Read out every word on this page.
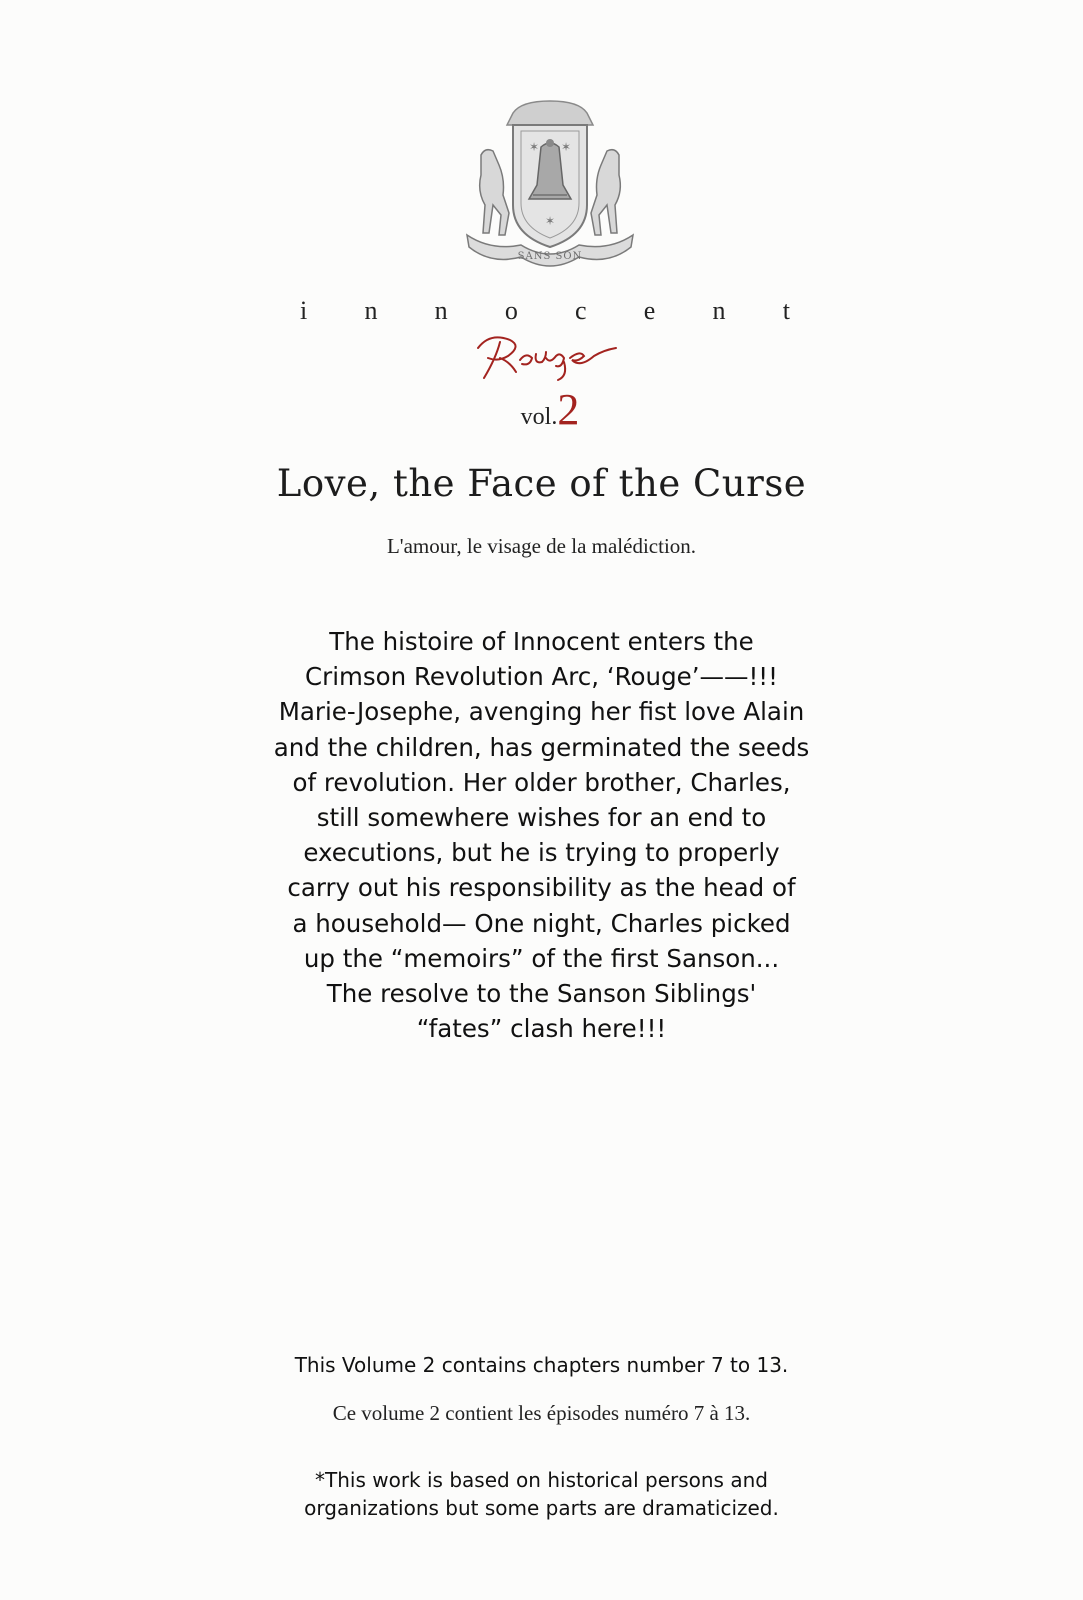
✶ ✶
✶
SANS SON
i n n o c e n t
vol.2
Love, the Face of the Curse
L'amour, le visage de la malédiction.
The histoire of Innocent enters the
Crimson Revolution Arc, ‘Rouge’——!!!
Marie-Josephe, avenging her fist love Alain
and the children, has germinated the seeds
of revolution. Her older brother, Charles,
still somewhere wishes for an end to
executions, but he is trying to properly
carry out his responsibility as the head of
a household— One night, Charles picked
up the “memoirs” of the first Sanson...
The resolve to the Sanson Siblings'
“fates” clash here!!!
This Volume 2 contains chapters number 7 to 13.
Ce volume 2 contient les épisodes numéro 7 à 13.
*This work is based on historical persons and
organizations but some parts are dramaticized.
